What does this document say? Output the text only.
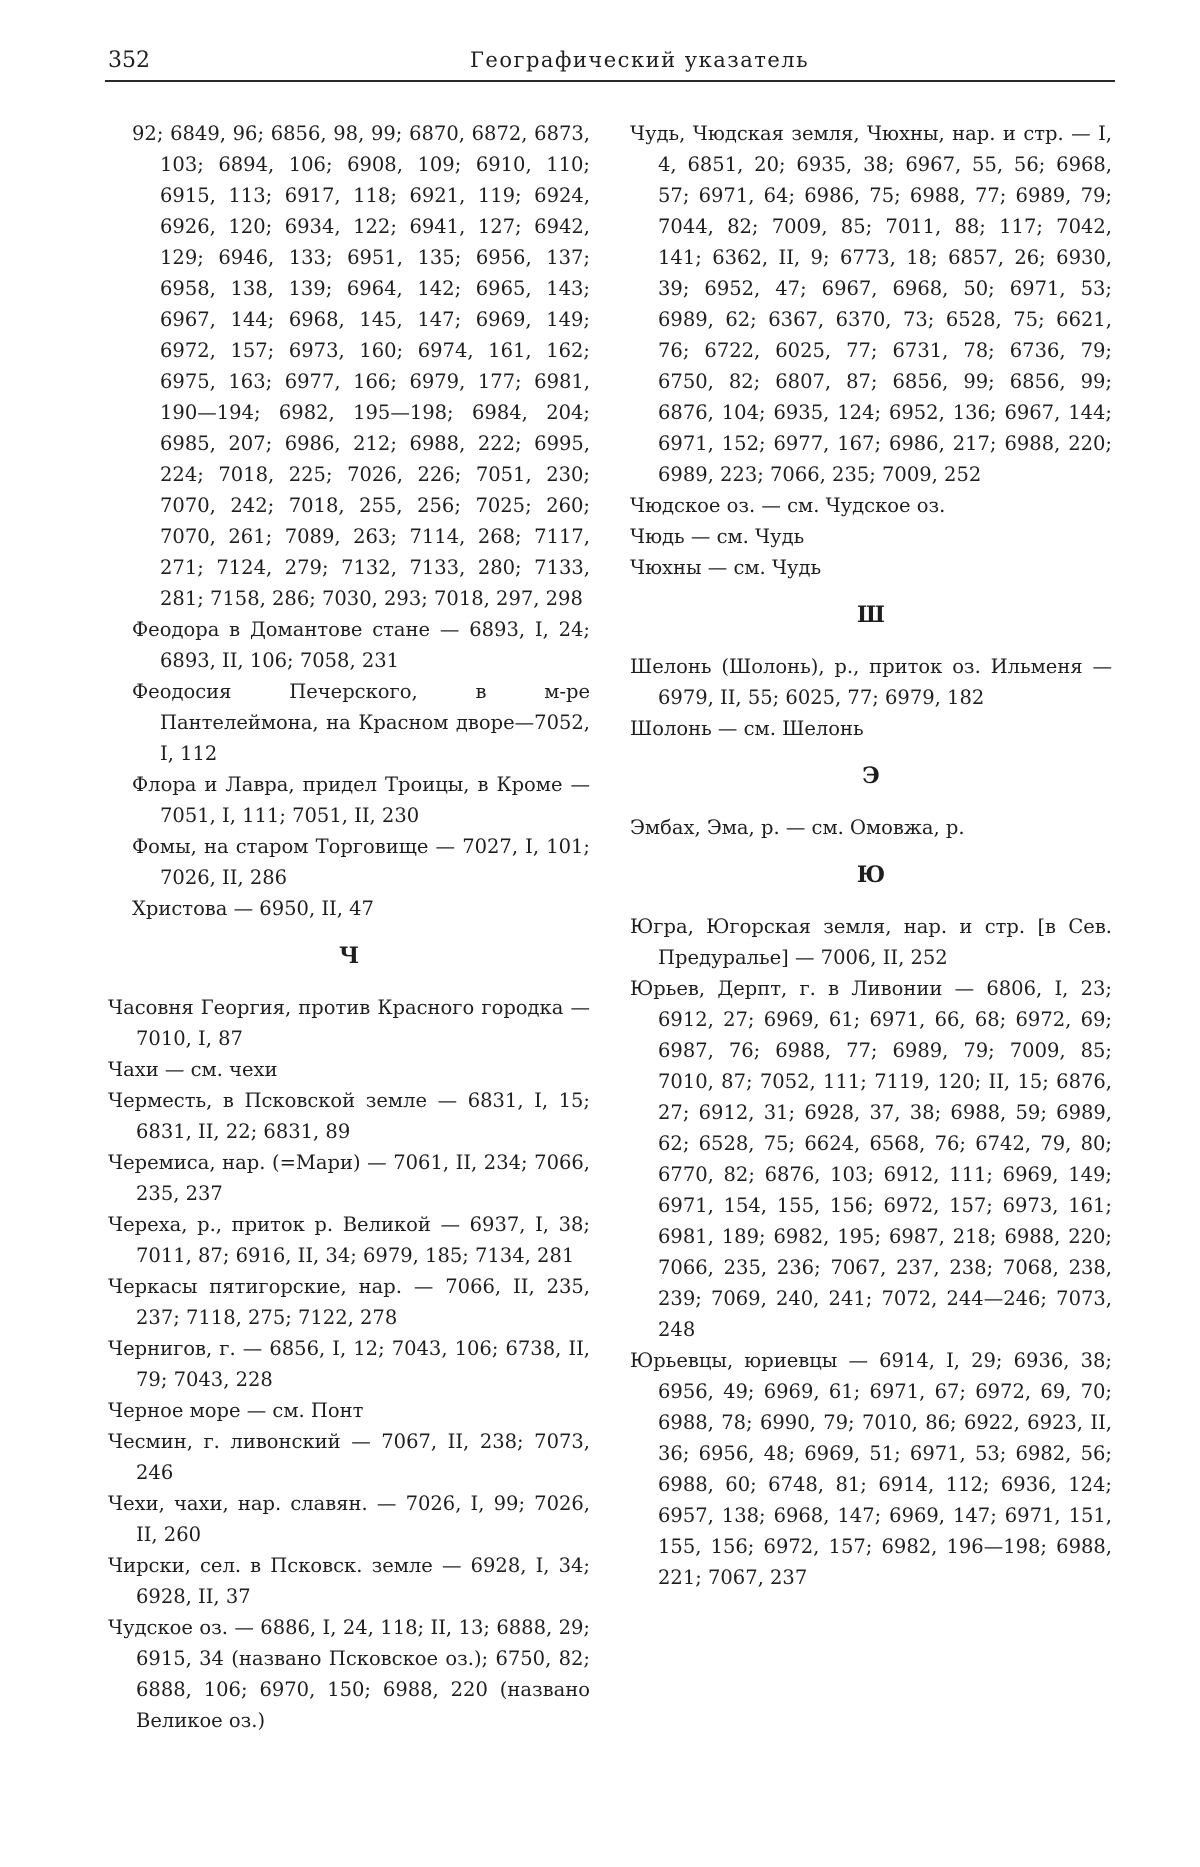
352	Географический указатель
92; 6849, 96; 6856, 98, 99; 6870, 6872, 6873, 103; 6894, 106; 6908, 109; 6910, 110; 6915, 113; 6917, 118; 6921, 119; 6924, 6926, 120; 6934, 122; 6941, 127; 6942, 129; 6946, 133; 6951, 135; 6956, 137; 6958, 138, 139; 6964, 142; 6965, 143; 6967, 144; 6968, 145, 147; 6969, 149; 6972, 157; 6973, 160; 6974, 161, 162; 6975, 163; 6977, 166; 6979, 177; 6981, 190—194; 6982, 195—198; 6984, 204; 6985, 207; 6986, 212; 6988, 222; 6995, 224; 7018, 225; 7026, 226; 7051, 230; 7070, 242; 7018, 255, 256; 7025; 260; 7070, 261; 7089, 263; 7114, 268; 7117, 271; 7124, 279; 7132, 7133, 280; 7133, 281; 7158, 286; 7030, 293; 7018, 297, 298
Феодора в Домантове стане — 6893, I, 24; 6893, II, 106; 7058, 231
Феодосия Печерского, в м-ре Пантелеймона, на Красном дворе—7052, I, 112
Флора и Лавра, придел Троицы, в Кроме — 7051, I, 111; 7051, II, 230
Фомы, на старом Торговище — 7027, I, 101; 7026, II, 286
Христова — 6950, II, 47
Ч
Часовня Георгия, против Красного городка — 7010, I, 87
Чахи — см. чехи
Черместь, в Псковской земле — 6831, I, 15; 6831, II, 22; 6831, 89
Черемиса, нар. (=Мари) — 7061, II, 234; 7066, 235, 237
Череха, р., приток р. Великой — 6937, I, 38; 7011, 87; 6916, II, 34; 6979, 185; 7134, 281
Черкасы пятигорские, нар. — 7066, II, 235, 237; 7118, 275; 7122, 278
Чернигов, г. — 6856, I, 12; 7043, 106; 6738, II, 79; 7043, 228
Черное море — см. Понт
Чесмин, г. ливонский — 7067, II, 238; 7073, 246
Чехи, чахи, нар. славян. — 7026, I, 99; 7026, II, 260
Чирски, сел. в Псковск. земле — 6928, I, 34; 6928, II, 37
Чудское оз. — 6886, I, 24, 118; II, 13; 6888, 29; 6915, 34 (названо Псковское оз.); 6750, 82; 6888, 106; 6970, 150; 6988, 220 (названо Великое оз.)
Чудь, Чюдская земля, Чюхны, нар. и стр. — I, 4, 6851, 20; 6935, 38; 6967, 55, 56; 6968, 57; 6971, 64; 6986, 75; 6988, 77; 6989, 79; 7044, 82; 7009, 85; 7011, 88; 117; 7042, 141; 6362, II, 9; 6773, 18; 6857, 26; 6930, 39; 6952, 47; 6967, 6968, 50; 6971, 53; 6989, 62; 6367, 6370, 73; 6528, 75; 6621, 76; 6722, 6025, 77; 6731, 78; 6736, 79; 6750, 82; 6807, 87; 6856, 99; 6856, 99; 6876, 104; 6935, 124; 6952, 136; 6967, 144; 6971, 152; 6977, 167; 6986, 217; 6988, 220; 6989, 223; 7066, 235; 7009, 252
Чюдское оз. — см. Чудское оз.
Чюдь — см. Чудь
Чюхны — см. Чудь
Ш
Шелонь (Шолонь), р., приток оз. Ильменя — 6979, II, 55; 6025, 77; 6979, 182
Шолонь — см. Шелонь
Э
Эмбах, Эма, р. — см. Омовжа, р.
Ю
Югра, Югорская земля, нар. и стр. [в Сев. Предуралье] — 7006, II, 252
Юрьев, Дерпт, г. в Ливонии — 6806, I, 23; 6912, 27; 6969, 61; 6971, 66, 68; 6972, 69; 6987, 76; 6988, 77; 6989, 79; 7009, 85; 7010, 87; 7052, 111; 7119, 120; II, 15; 6876, 27; 6912, 31; 6928, 37, 38; 6988, 59; 6989, 62; 6528, 75; 6624, 6568, 76; 6742, 79, 80; 6770, 82; 6876, 103; 6912, 111; 6969, 149; 6971, 154, 155, 156; 6972, 157; 6973, 161; 6981, 189; 6982, 195; 6987, 218; 6988, 220; 7066, 235, 236; 7067, 237, 238; 7068, 238, 239; 7069, 240, 241; 7072, 244—246; 7073, 248
Юрьевцы, юриевцы — 6914, I, 29; 6936, 38; 6956, 49; 6969, 61; 6971, 67; 6972, 69, 70; 6988, 78; 6990, 79; 7010, 86; 6922, 6923, II, 36; 6956, 48; 6969, 51; 6971, 53; 6982, 56; 6988, 60; 6748, 81; 6914, 112; 6936, 124; 6957, 138; 6968, 147; 6969, 147; 6971, 151, 155, 156; 6972, 157; 6982, 196—198; 6988, 221; 7067, 237
